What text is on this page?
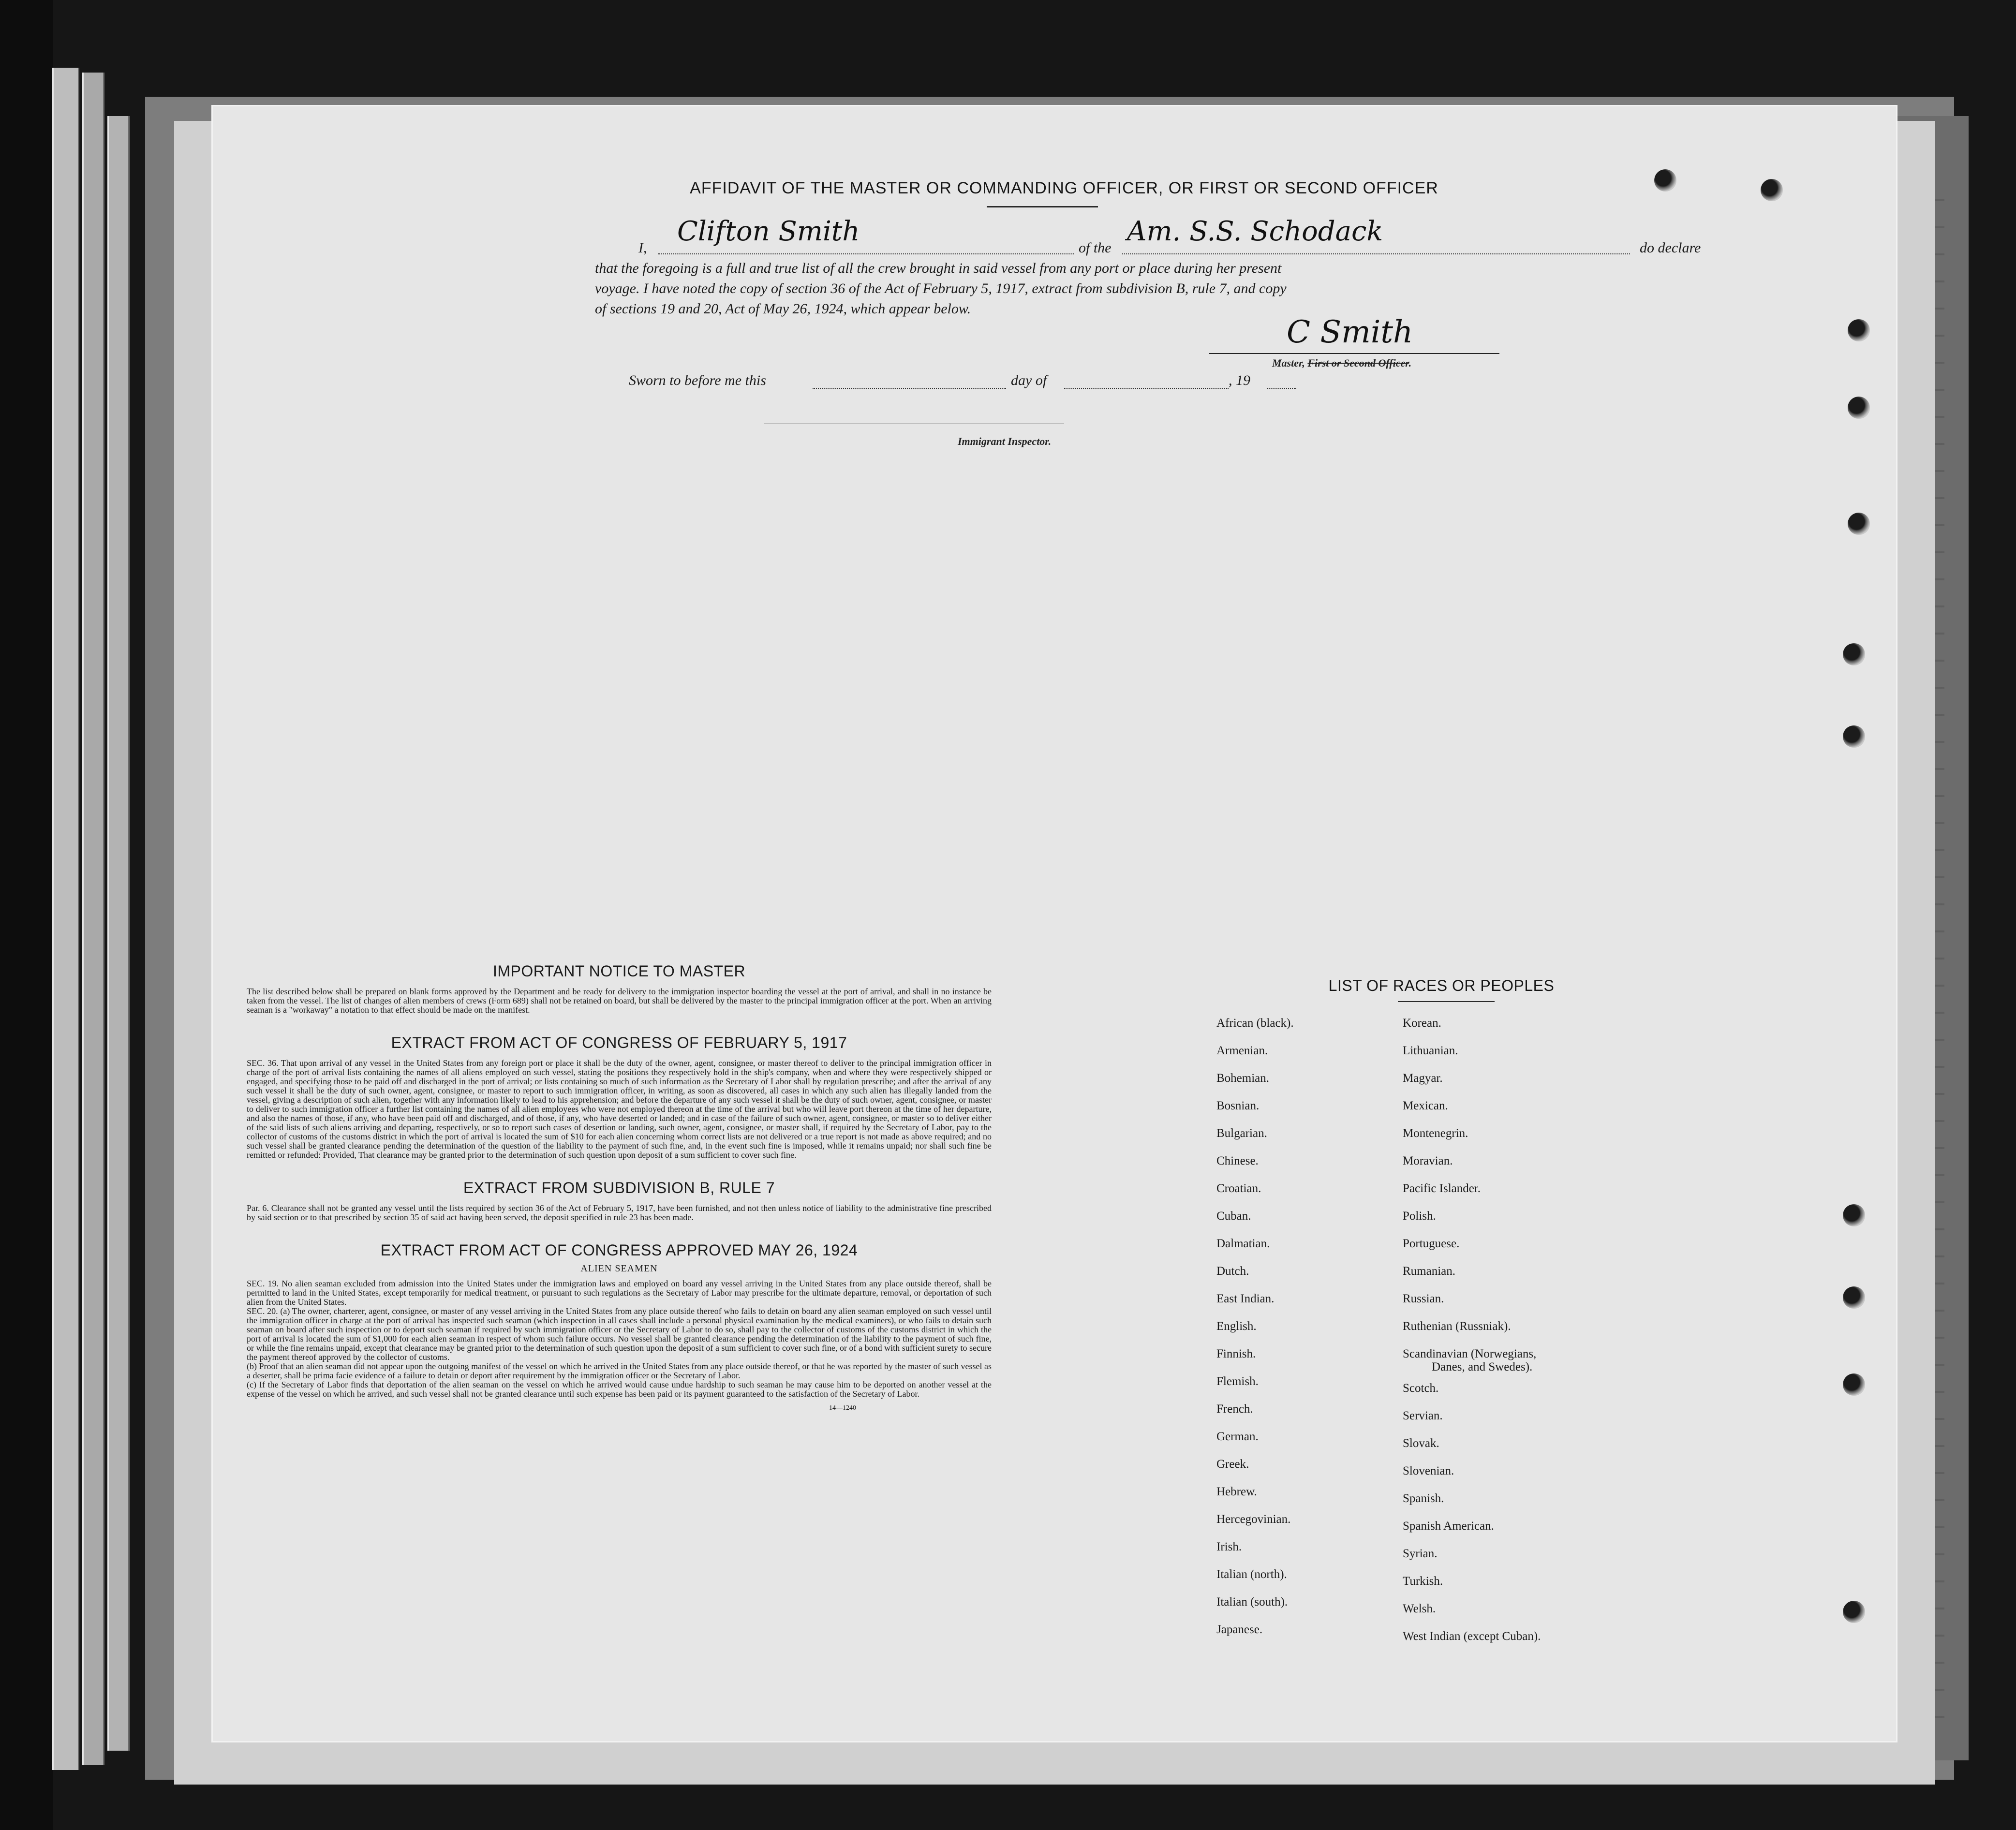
AFFIDAVIT OF THE MASTER OR COMMANDING OFFICER, OR FIRST OR SECOND OFFICER
I,
Clifton Smith
of the
Am. S.S. Schodack
do declare
that the foregoing is a full and true list of all the crew brought in said vessel from any port or place during her present
voyage. I have noted the copy of section 36 of the Act of February 5, 1917, extract from subdivision B, rule 7, and copy
of sections 19 and 20, Act of May 26, 1924, which appear below.
C Smith
Master, First or Second Officer.
Sworn to before me this	day of	, 19
Immigrant Inspector.
IMPORTANT NOTICE TO MASTER

The list described below shall be prepared on blank forms approved by the Department and be ready for delivery to the immigration inspector boarding the vessel at the port of arrival, and shall in no instance be taken from the vessel. The list of changes of alien members of crews (Form 689) shall not be retained on board, but shall be delivered by the master to the principal immigration officer at the port. When an arriving seaman is a "workaway" a notation to that effect should be made on the manifest.

EXTRACT FROM ACT OF CONGRESS OF FEBRUARY 5, 1917

SEC. 36. That upon arrival of any vessel in the United States from any foreign port or place it shall be the duty of the owner, agent, consignee, or master thereof to deliver to the principal immigration officer in charge of the port of arrival lists containing the names of all aliens employed on such vessel, stating the positions they respectively hold in the ship's company, when and where they were respectively shipped or engaged, and specifying those to be paid off and discharged in the port of arrival; or lists containing so much of such information as the Secretary of Labor shall by regulation prescribe; and after the arrival of any such vessel it shall be the duty of such owner, agent, consignee, or master to report to such immigration officer, in writing, as soon as discovered, all cases in which any such alien has illegally landed from the vessel, giving a description of such alien, together with any information likely to lead to his apprehension; and before the departure of any such vessel it shall be the duty of such owner, agent, consignee, or master to deliver to such immigration officer a further list containing the names of all alien employees who were not employed thereon at the time of the arrival but who will leave port thereon at the time of her departure, and also the names of those, if any, who have been paid off and discharged, and of those, if any, who have deserted or landed; and in case of the failure of such owner, agent, consignee, or master so to deliver either of the said lists of such aliens arriving and departing, respectively, or so to report such cases of desertion or landing, such owner, agent, consignee, or master shall, if required by the Secretary of Labor, pay to the collector of customs of the customs district in which the port of arrival is located the sum of $10 for each alien concerning whom correct lists are not delivered or a true report is not made as above required; and no such vessel shall be granted clearance pending the determination of the question of the liability to the payment of such fine, and, in the event such fine is imposed, while it remains unpaid; nor shall such fine be remitted or refunded: Provided, That clearance may be granted prior to the determination of such question upon deposit of a sum sufficient to cover such fine.

EXTRACT FROM SUBDIVISION B, RULE 7

Par. 6. Clearance shall not be granted any vessel until the lists required by section 36 of the Act of February 5, 1917, have been furnished, and not then unless notice of liability to the administrative fine prescribed by said section or to that prescribed by section 35 of said act having been served, the deposit specified in rule 23 has been made.

EXTRACT FROM ACT OF CONGRESS APPROVED MAY 26, 1924

ALIEN SEAMEN

SEC. 19. No alien seaman excluded from admission into the United States under the immigration laws and employed on board any vessel arriving in the United States from any place outside thereof, shall be permitted to land in the United States, except temporarily for medical treatment, or pursuant to such regulations as the Secretary of Labor may prescribe for the ultimate departure, removal, or deportation of such alien from the United States.

SEC. 20. (a) The owner, charterer, agent, consignee, or master of any vessel arriving in the United States from any place outside thereof who fails to detain on board any alien seaman employed on such vessel until the immigration officer in charge at the port of arrival has inspected such seaman (which inspection in all cases shall include a personal physical examination by the medical examiners), or who fails to detain such seaman on board after such inspection or to deport such seaman if required by such immigration officer or the Secretary of Labor to do so, shall pay to the collector of customs of the customs district in which the port of arrival is located the sum of $1,000 for each alien seaman in respect of whom such failure occurs. No vessel shall be granted clearance pending the determination of the liability to the payment of such fine, or while the fine remains unpaid, except that clearance may be granted prior to the determination of such question upon the deposit of a sum sufficient to cover such fine, or of a bond with sufficient surety to secure the payment thereof approved by the collector of customs.

(b) Proof that an alien seaman did not appear upon the outgoing manifest of the vessel on which he arrived in the United States from any place outside thereof, or that he was reported by the master of such vessel as a deserter, shall be prima facie evidence of a failure to detain or deport after requirement by the immigration officer or the Secretary of Labor.

(c) If the Secretary of Labor finds that deportation of the alien seaman on the vessel on which he arrived would cause undue hardship to such seaman he may cause him to be deported on another vessel at the expense of the vessel on which he arrived, and such vessel shall not be granted clearance until such expense has been paid or its payment guaranteed to the satisfaction of the Secretary of Labor.

14—1240

LIST OF RACES OR PEOPLES
African (black).
Armenian.
Bohemian.
Bosnian.
Bulgarian.
Chinese.
Croatian.
Cuban.
Dalmatian.
Dutch.
East Indian.
English.
Finnish.
Flemish.
French.
German.
Greek.
Hebrew.
Hercegovinian.
Irish.
Italian (north).
Italian (south).
Japanese.
Korean.
Lithuanian.
Magyar.
Mexican.
Montenegrin.
Moravian.
Pacific Islander.
Polish.
Portuguese.
Rumanian.
Russian.
Ruthenian (Russniak).
Scandinavian (Norwegians,
Danes, and Swedes).
Scotch.
Servian.
Slovak.
Slovenian.
Spanish.
Spanish American.
Syrian.
Turkish.
Welsh.
West Indian (except Cuban).
